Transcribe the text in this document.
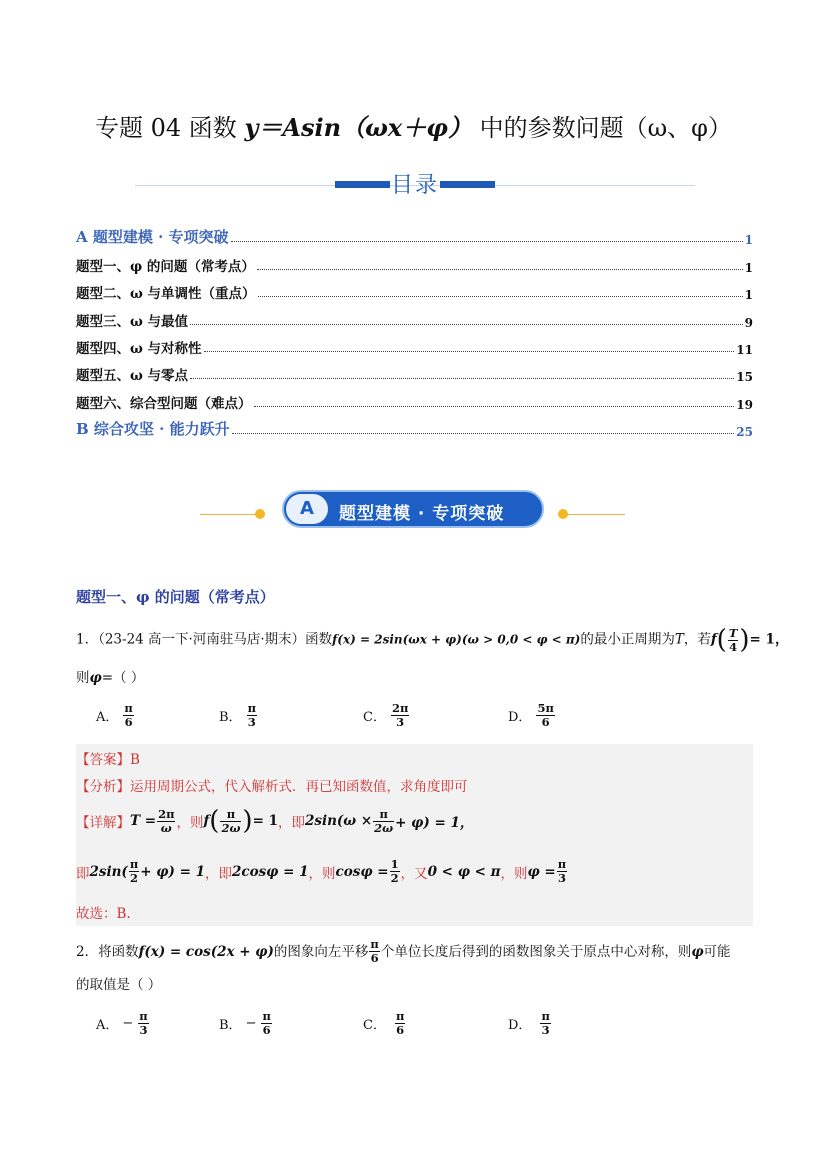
专题 04 函数 y＝Asin（ωx＋φ） 中的参数问题（ω、φ）
目录
A 题型建模 · 专项突破	1
题型一、φ 的问题（常考点）	1
题型二、ω 与单调性（重点）	1
题型三、ω 与最值	9
题型四、ω 与对称性	11
题型五、ω 与零点	15
题型六、综合型问题（难点）	19
B 综合攻坚 · 能力跃升	25
A	题型建模 · 专项突破
题型一、φ 的问题（常考点）
1．（23-24 高一下·河南驻马店·期末）函数f(x) = 2sin(ωx + φ)(ω > 0,0 < φ < π)的最小正周期为T，若$f( \frac{T}{4}$ )= 1，
则φ=（ ）
A． $\frac{\pi}{6}$	B． $\frac{\pi}{3}$	C． $\frac{2\pi}{3}$	D． $\frac{5\pi}{6}$
【答案】B
【分析】运用周期公式，代入解析式．再已知函数值，求角度即可
【详解】 $T = \frac{2\pi}{\omega}$ ，则 f ( $\frac{\pi}{2\omega}$ ) = 1 ，即 $2\sin(\omega \times \frac{\pi}{2\omega} + \varphi) = 1$，
即 $2\sin( \frac{\pi}{2} + \varphi) = 1$ ，即 2cosφ = 1 ，则 $\cos\varphi = \frac{1}{2}$ ，又 0 < φ < π ，则 $\varphi = \frac{\pi}{3}$
故选：B.
2．将函数 f(x) = cos(2x + φ) 的图象向左平移 $\frac{\pi}{6}$ 个单位长度后得到的函数图象关于原点中心对称，则 φ 可能
的取值是（ ）
A． − $\frac{\pi}{3}$	B． − $\frac{\pi}{6}$	C． $\frac{\pi}{6}$	D． $\frac{\pi}{3}$
